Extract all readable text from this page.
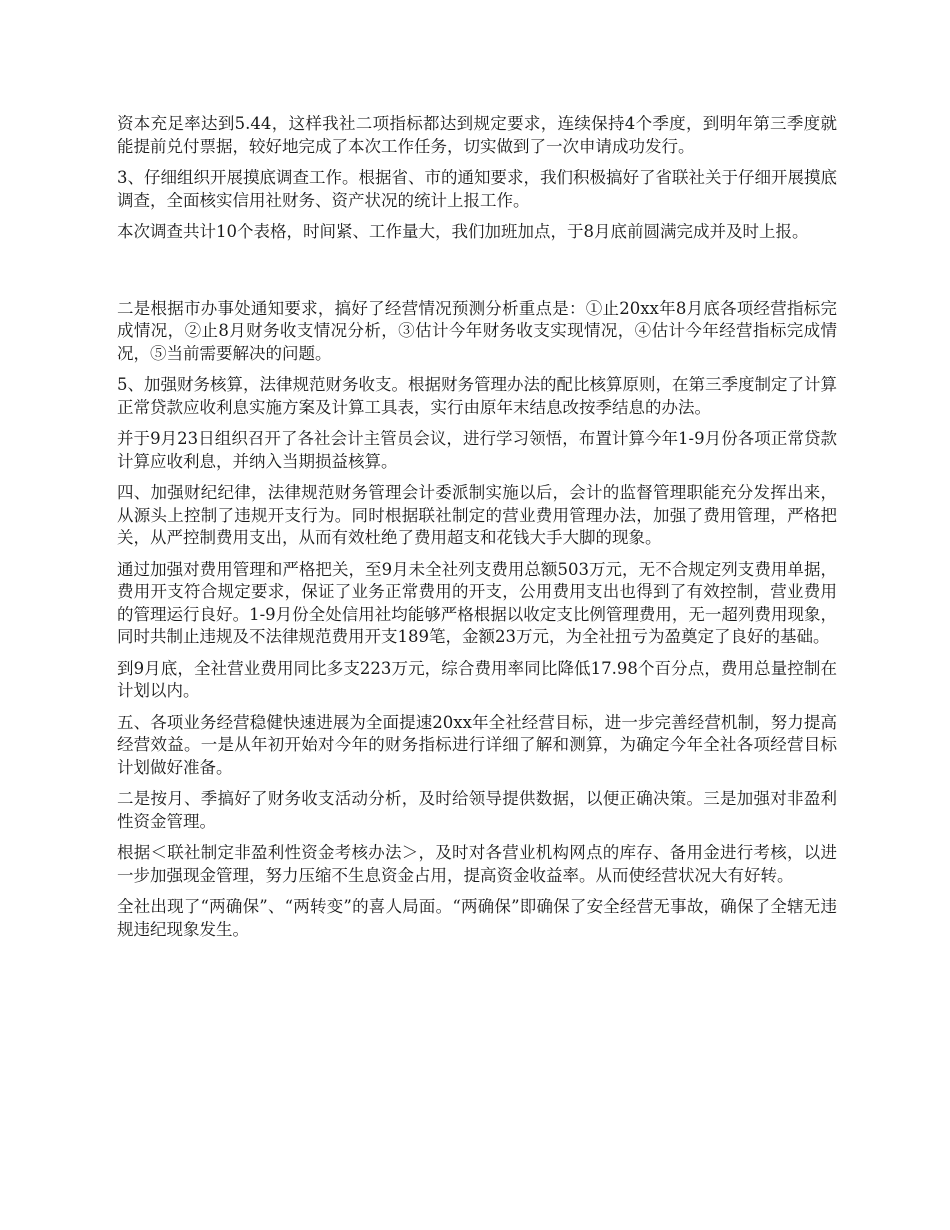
资本充足率达到5.44，这样我社二项指标都达到规定要求，连续保持4个季度，到明年第三季度就能提前兑付票据，较好地完成了本次工作任务，切实做到了一次申请成功发行。

3、仔细组织开展摸底调查工作。根据省、市的通知要求，我们积极搞好了省联社关于仔细开展摸底调查，全面核实信用社财务、资产状况的统计上报工作。

本次调查共计10个表格，时间紧、工作量大，我们加班加点，于8月底前圆满完成并及时上报。

二是根据市办事处通知要求，搞好了经营情况预测分析重点是：①止20xx年8月底各项经营指标完成情况，②止8月财务收支情况分析，③估计今年财务收支实现情况，④估计今年经营指标完成情况，⑤当前需要解决的问题。

5、加强财务核算，法律规范财务收支。根据财务管理办法的配比核算原则，在第三季度制定了计算正常贷款应收利息实施方案及计算工具表，实行由原年末结息改按季结息的办法。

并于9月23日组织召开了各社会计主管员会议，进行学习领悟，布置计算今年1-9月份各项正常贷款计算应收利息，并纳入当期损益核算。

四、加强财纪纪律，法律规范财务管理会计委派制实施以后，会计的监督管理职能充分发挥出来，从源头上控制了违规开支行为。同时根据联社制定的营业费用管理办法，加强了费用管理，严格把关，从严控制费用支出，从而有效杜绝了费用超支和花钱大手大脚的现象。

通过加强对费用管理和严格把关，至9月未全社列支费用总额503万元，无不合规定列支费用单据，费用开支符合规定要求，保证了业务正常费用的开支，公用费用支出也得到了有效控制，营业费用的管理运行良好。1-9月份全处信用社均能够严格根据以收定支比例管理费用，无一超列费用现象，同时共制止违规及不法律规范费用开支189笔，金额23万元，为全社扭亏为盈奠定了良好的基础。

到9月底，全社营业费用同比多支223万元，综合费用率同比降低17.98个百分点，费用总量控制在计划以内。

五、各项业务经营稳健快速进展为全面提速20xx年全社经营目标，进一步完善经营机制，努力提高经营效益。一是从年初开始对今年的财务指标进行详细了解和测算，为确定今年全社各项经营目标计划做好准备。

二是按月、季搞好了财务收支活动分析，及时给领导提供数据，以便正确决策。三是加强对非盈利性资金管理。

根据＜联社制定非盈利性资金考核办法＞，及时对各营业机构网点的库存、备用金进行考核，以进一步加强现金管理，努力压缩不生息资金占用，提高资金收益率。从而使经营状况大有好转。

全社出现了“两确保”、“两转变”的喜人局面。“两确保”即确保了安全经营无事故，确保了全辖无违规违纪现象发生。
